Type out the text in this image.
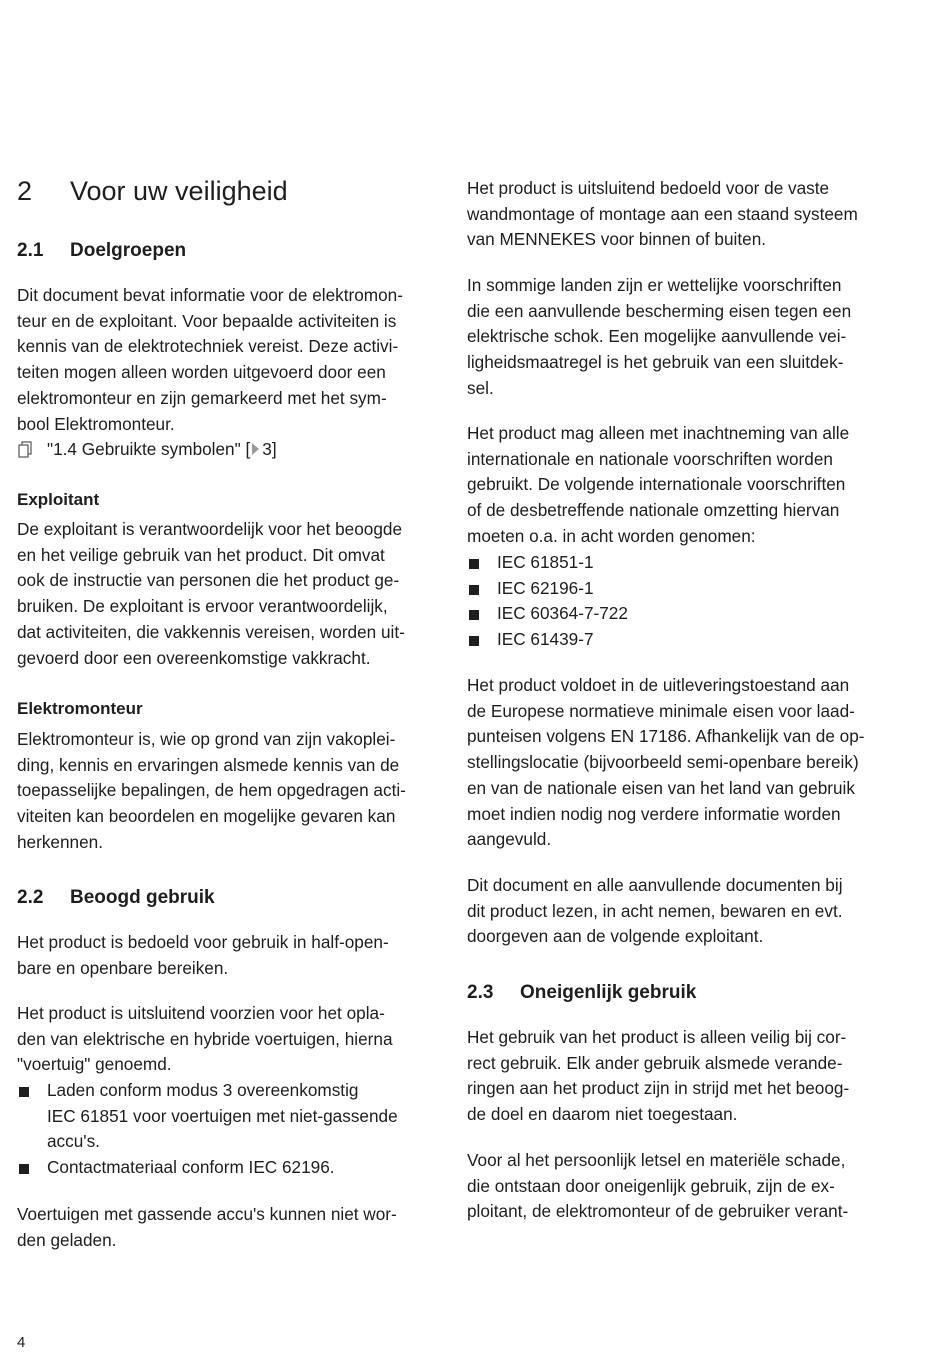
2 Voor uw veiligheid
2.1 Doelgroepen
Dit document bevat informatie voor de elektromon-
teur en de exploitant. Voor bepaalde activiteiten is
kennis van de elektrotechniek vereist. Deze activi-
teiten mogen alleen worden uitgevoerd door een
elektromonteur en zijn gemarkeerd met het sym-
bool Elektromonteur.
"1.4 Gebruikte symbolen" [ 3]
Exploitant
De exploitant is verantwoordelijk voor het beoogde
en het veilige gebruik van het product. Dit omvat
ook de instructie van personen die het product ge-
bruiken. De exploitant is ervoor verantwoordelijk,
dat activiteiten, die vakkennis vereisen, worden uit-
gevoerd door een overeenkomstige vakkracht.
Elektromonteur
Elektromonteur is, wie op grond van zijn vakoplei-
ding, kennis en ervaringen alsmede kennis van de
toepasselijke bepalingen, de hem opgedragen acti-
viteiten kan beoordelen en mogelijke gevaren kan
herkennen.
2.2 Beoogd gebruik
Het product is bedoeld voor gebruik in half-open-
bare en openbare bereiken.
Het product is uitsluitend voorzien voor het opla-
den van elektrische en hybride voertuigen, hierna
"voertuig" genoemd.
Laden conform modus 3 overeenkomstig
IEC 61851 voor voertuigen met niet-gassende
accu's.
Contactmateriaal conform IEC 62196.
Voertuigen met gassende accu's kunnen niet wor-
den geladen.
Het product is uitsluitend bedoeld voor de vaste
wandmontage of montage aan een staand systeem
van MENNEKES voor binnen of buiten.
In sommige landen zijn er wettelijke voorschriften
die een aanvullende bescherming eisen tegen een
elektrische schok. Een mogelijke aanvullende vei-
ligheidsmaatregel is het gebruik van een sluitdek-
sel.
Het product mag alleen met inachtneming van alle
internationale en nationale voorschriften worden
gebruikt. De volgende internationale voorschriften
of de desbetreffende nationale omzetting hiervan
moeten o.a. in acht worden genomen:
IEC 61851-1
IEC 62196-1
IEC 60364-7-722
IEC 61439-7
Het product voldoet in de uitleveringstoestand aan
de Europese normatieve minimale eisen voor laad-
punteisen volgens EN 17186. Afhankelijk van de op-
stellingslocatie (bijvoorbeeld semi-openbare bereik)
en van de nationale eisen van het land van gebruik
moet indien nodig nog verdere informatie worden
aangevuld.
Dit document en alle aanvullende documenten bij
dit product lezen, in acht nemen, bewaren en evt.
doorgeven aan de volgende exploitant.
2.3 Oneigenlijk gebruik
Het gebruik van het product is alleen veilig bij cor-
rect gebruik. Elk ander gebruik alsmede verande-
ringen aan het product zijn in strijd met het beoog-
de doel en daarom niet toegestaan.
Voor al het persoonlijk letsel en materiële schade,
die ontstaan door oneigenlijk gebruik, zijn de ex-
ploitant, de elektromonteur of de gebruiker verant-
4
